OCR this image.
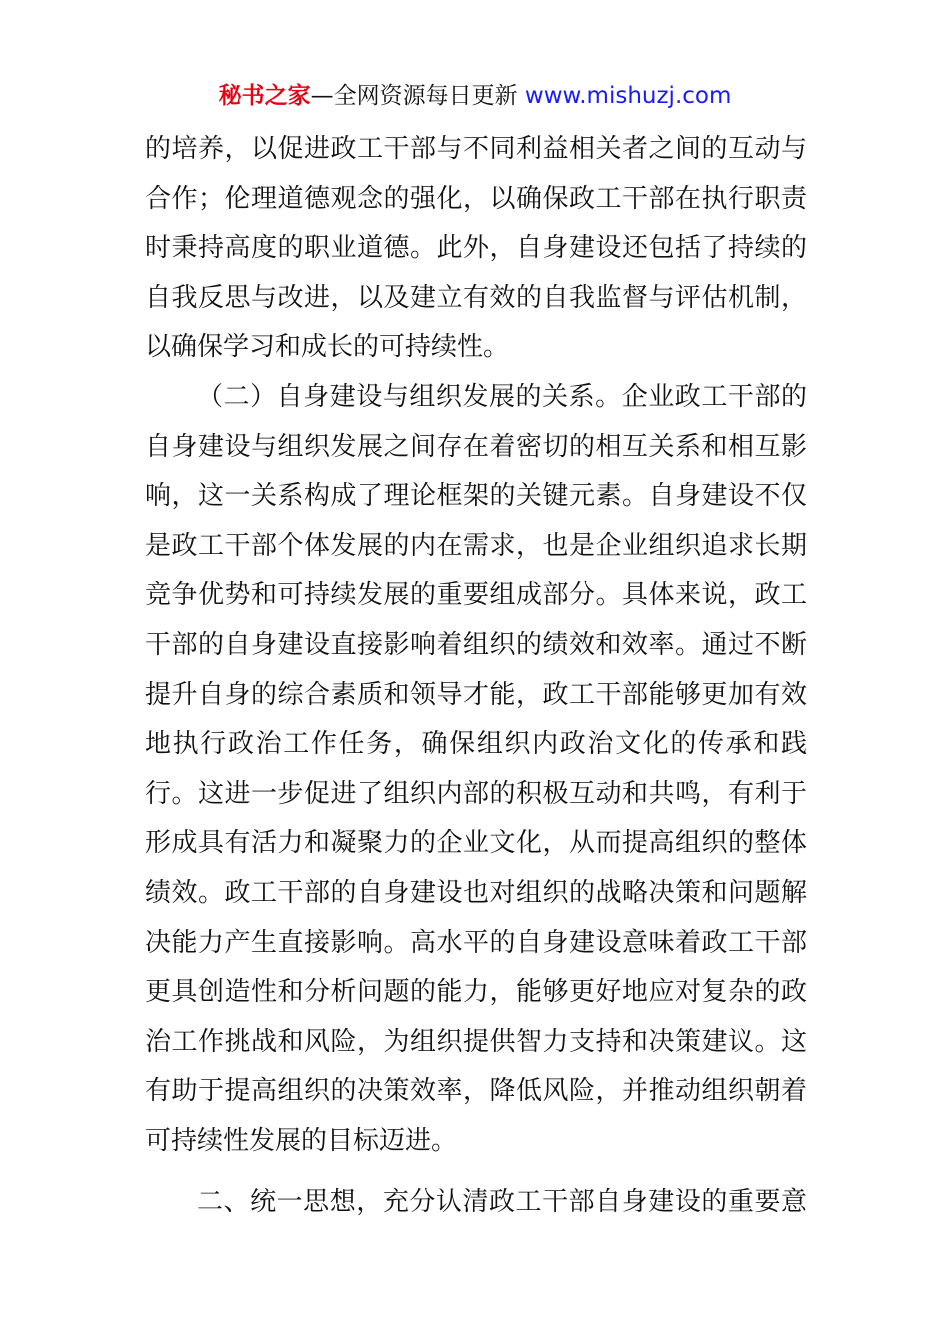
秘书之家—全网资源每日更新 www.mishuzj.com
的培养，以促进政工干部与不同利益相关者之间的互动与
合作；伦理道德观念的强化，以确保政工干部在执行职责
时秉持高度的职业道德。此外，自身建设还包括了持续的
自我反思与改进，以及建立有效的自我监督与评估机制，
以确保学习和成长的可持续性。
（二）自身建设与组织发展的关系。企业政工干部的
自身建设与组织发展之间存在着密切的相互关系和相互影
响，这一关系构成了理论框架的关键元素。自身建设不仅
是政工干部个体发展的内在需求，也是企业组织追求长期
竞争优势和可持续发展的重要组成部分。具体来说，政工
干部的自身建设直接影响着组织的绩效和效率。通过不断
提升自身的综合素质和领导才能，政工干部能够更加有效
地执行政治工作任务，确保组织内政治文化的传承和践
行。这进一步促进了组织内部的积极互动和共鸣，有利于
形成具有活力和凝聚力的企业文化，从而提高组织的整体
绩效。政工干部的自身建设也对组织的战略决策和问题解
决能力产生直接影响。高水平的自身建设意味着政工干部
更具创造性和分析问题的能力，能够更好地应对复杂的政
治工作挑战和风险，为组织提供智力支持和决策建议。这
有助于提高组织的决策效率，降低风险，并推动组织朝着
可持续性发展的目标迈进。
二、统一思想，充分认清政工干部自身建设的重要意
